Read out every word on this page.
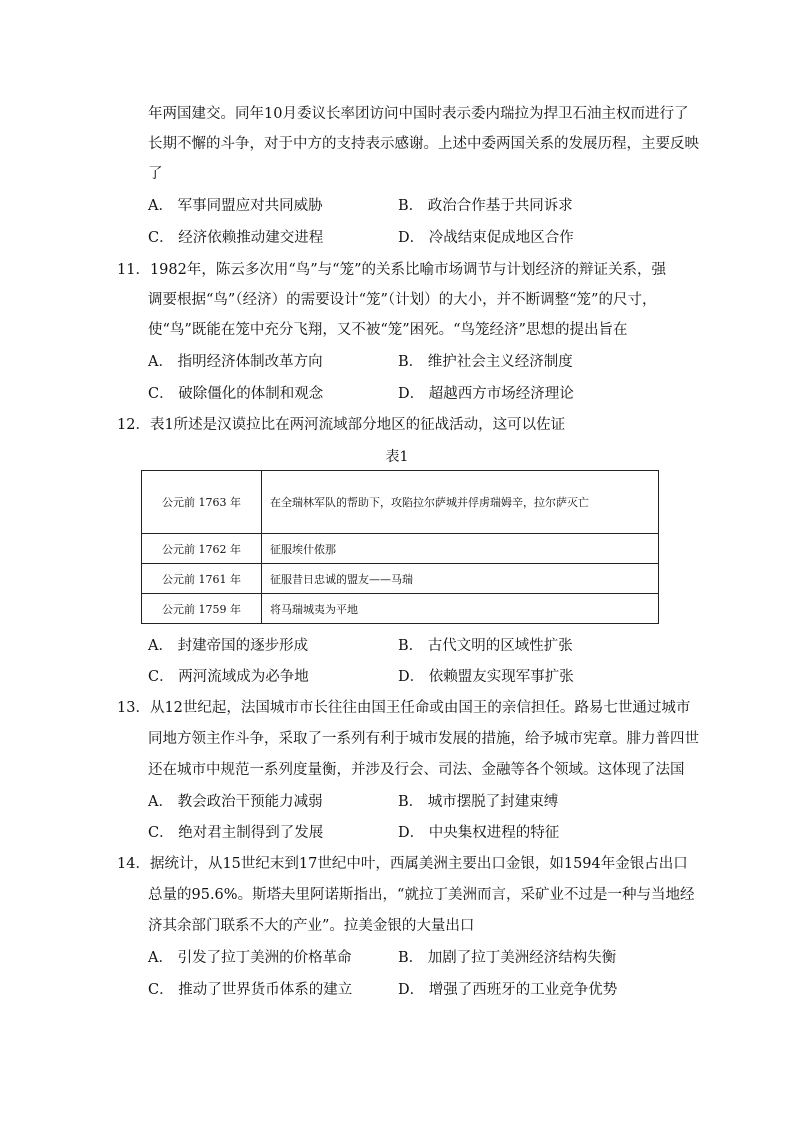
年两国建交。同年10月委议长率团访问中国时表示委内瑞拉为捍卫石油主权而进行了
长期不懈的斗争，对于中方的支持表示感谢。上述中委两国关系的发展历程，主要反映
了
A． 军事同盟应对共同威胁	B． 政治合作基于共同诉求
C． 经济依赖推动建交进程	D． 冷战结束促成地区合作
11．1982年，陈云多次用“鸟”与“笼”的关系比喻市场调节与计划经济的辩证关系，强
调要根据“鸟”（经济）的需要设计“笼”（计划）的大小，并不断调整“笼”的尺寸，
使“鸟”既能在笼中充分飞翔，又不被“笼”困死。“鸟笼经济”思想的提出旨在
A． 指明经济体制改革方向	B． 维护社会主义经济制度
C． 破除僵化的体制和观念	D． 超越西方市场经济理论
12．表1所述是汉谟拉比在两河流域部分地区的征战活动，这可以佐证
表1
公元前 1763 年	在全瑞林军队的帮助下，攻陷拉尔萨城并俘虏瑞姆辛，拉尔萨灭亡

公元前 1762 年	征服埃什侬那
公元前 1761 年	征服昔日忠诚的盟友——马瑞
公元前 1759 年	将马瑞城夷为平地
A． 封建帝国的逐步形成	B． 古代文明的区域性扩张
C． 两河流域成为必争地	D． 依赖盟友实现军事扩张
13．从12世纪起，法国城市市长往往由国王任命或由国王的亲信担任。路易七世通过城市
同地方领主作斗争，采取了一系列有利于城市发展的措施，给予城市宪章。腓力普四世
还在城市中规范一系列度量衡，并涉及行会、司法、金融等各个领域。这体现了法国
A． 教会政治干预能力减弱	B． 城市摆脱了封建束缚
C． 绝对君主制得到了发展	D． 中央集权进程的特征
14．据统计，从15世纪末到17世纪中叶，西属美洲主要出口金银，如1594年金银占出口
总量的95.6%。斯塔夫里阿诺斯指出，“就拉丁美洲而言，采矿业不过是一种与当地经
济其余部门联系不大的产业”。拉美金银的大量出口
A． 引发了拉丁美洲的价格革命	B． 加剧了拉丁美洲经济结构失衡
C． 推动了世界货币体系的建立	D． 增强了西班牙的工业竞争优势
